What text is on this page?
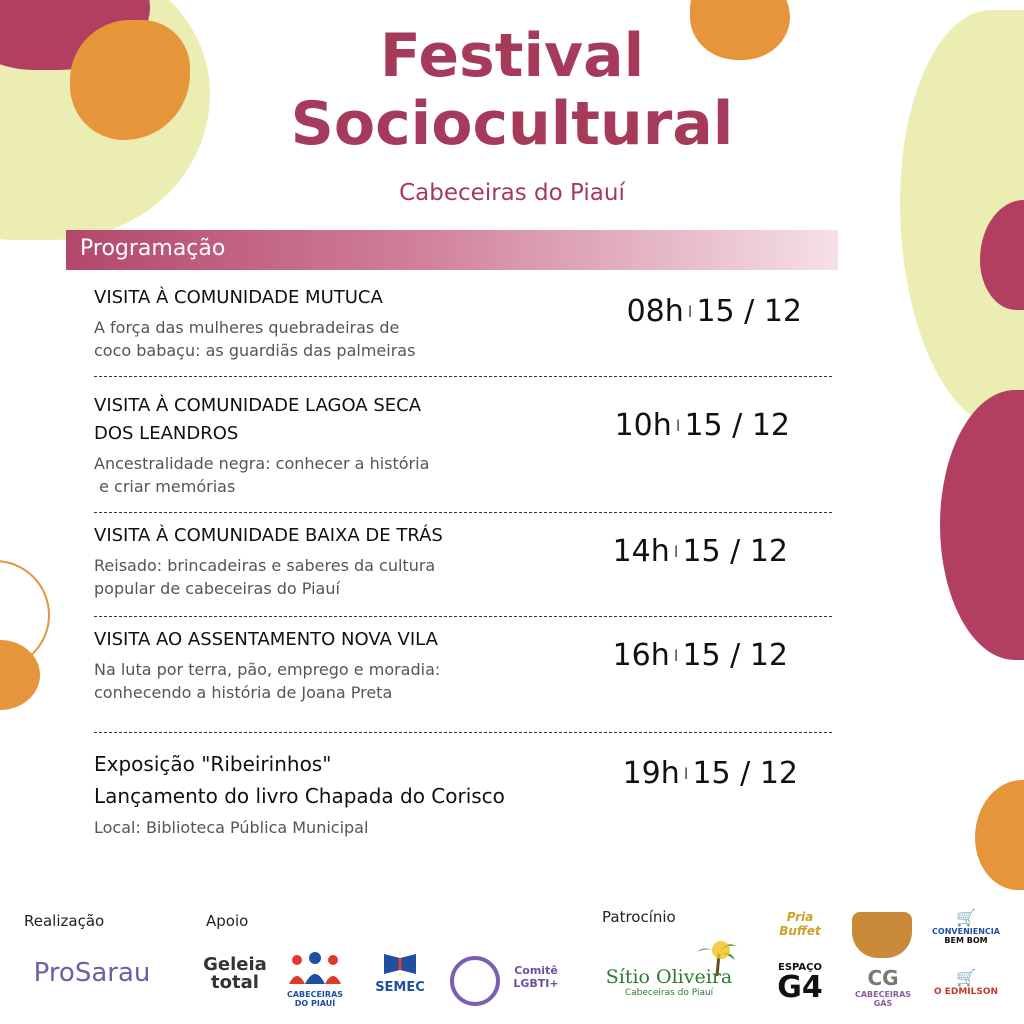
Festival
Sociocultural
Cabeceiras do Piauí
Programação
VISITA À COMUNIDADE MUTUCA
A força das mulheres quebradeiras de
coco babaçu: as guardiãs das palmeiras
08h I 15 / 12
VISITA À COMUNIDADE LAGOA SECA
DOS LEANDROS
Ancestralidade negra: conhecer a história
e criar memórias
10h I 15 / 12
VISITA À COMUNIDADE BAIXA DE TRÁS
Reisado: brincadeiras e saberes da cultura
popular de cabeceiras do Piauí
14h I 15 / 12
VISITA AO ASSENTAMENTO NOVA VILA
Na luta por terra, pão, emprego e moradia:
conhecendo a história de Joana Preta
16h I 15 / 12
Exposição "Ribeirinhos"
Lançamento do livro Chapada do Corisco
Local: Biblioteca Pública Municipal
19h I 15 / 12
Realização	Apoio	Patrocínio
ProSarau	Geleia total
CABECEIRAS DO PIAUÍ
SEMEC
Comitê LGBTI+	Sítio Oliveira
Cabeceiras do Piauí
Pria Buffet
ESPAÇO
G4	CG
CABECEIRAS GÁS
🛒
CONVENIENCIA
BEM BOM
🛒
O EDMILSON
